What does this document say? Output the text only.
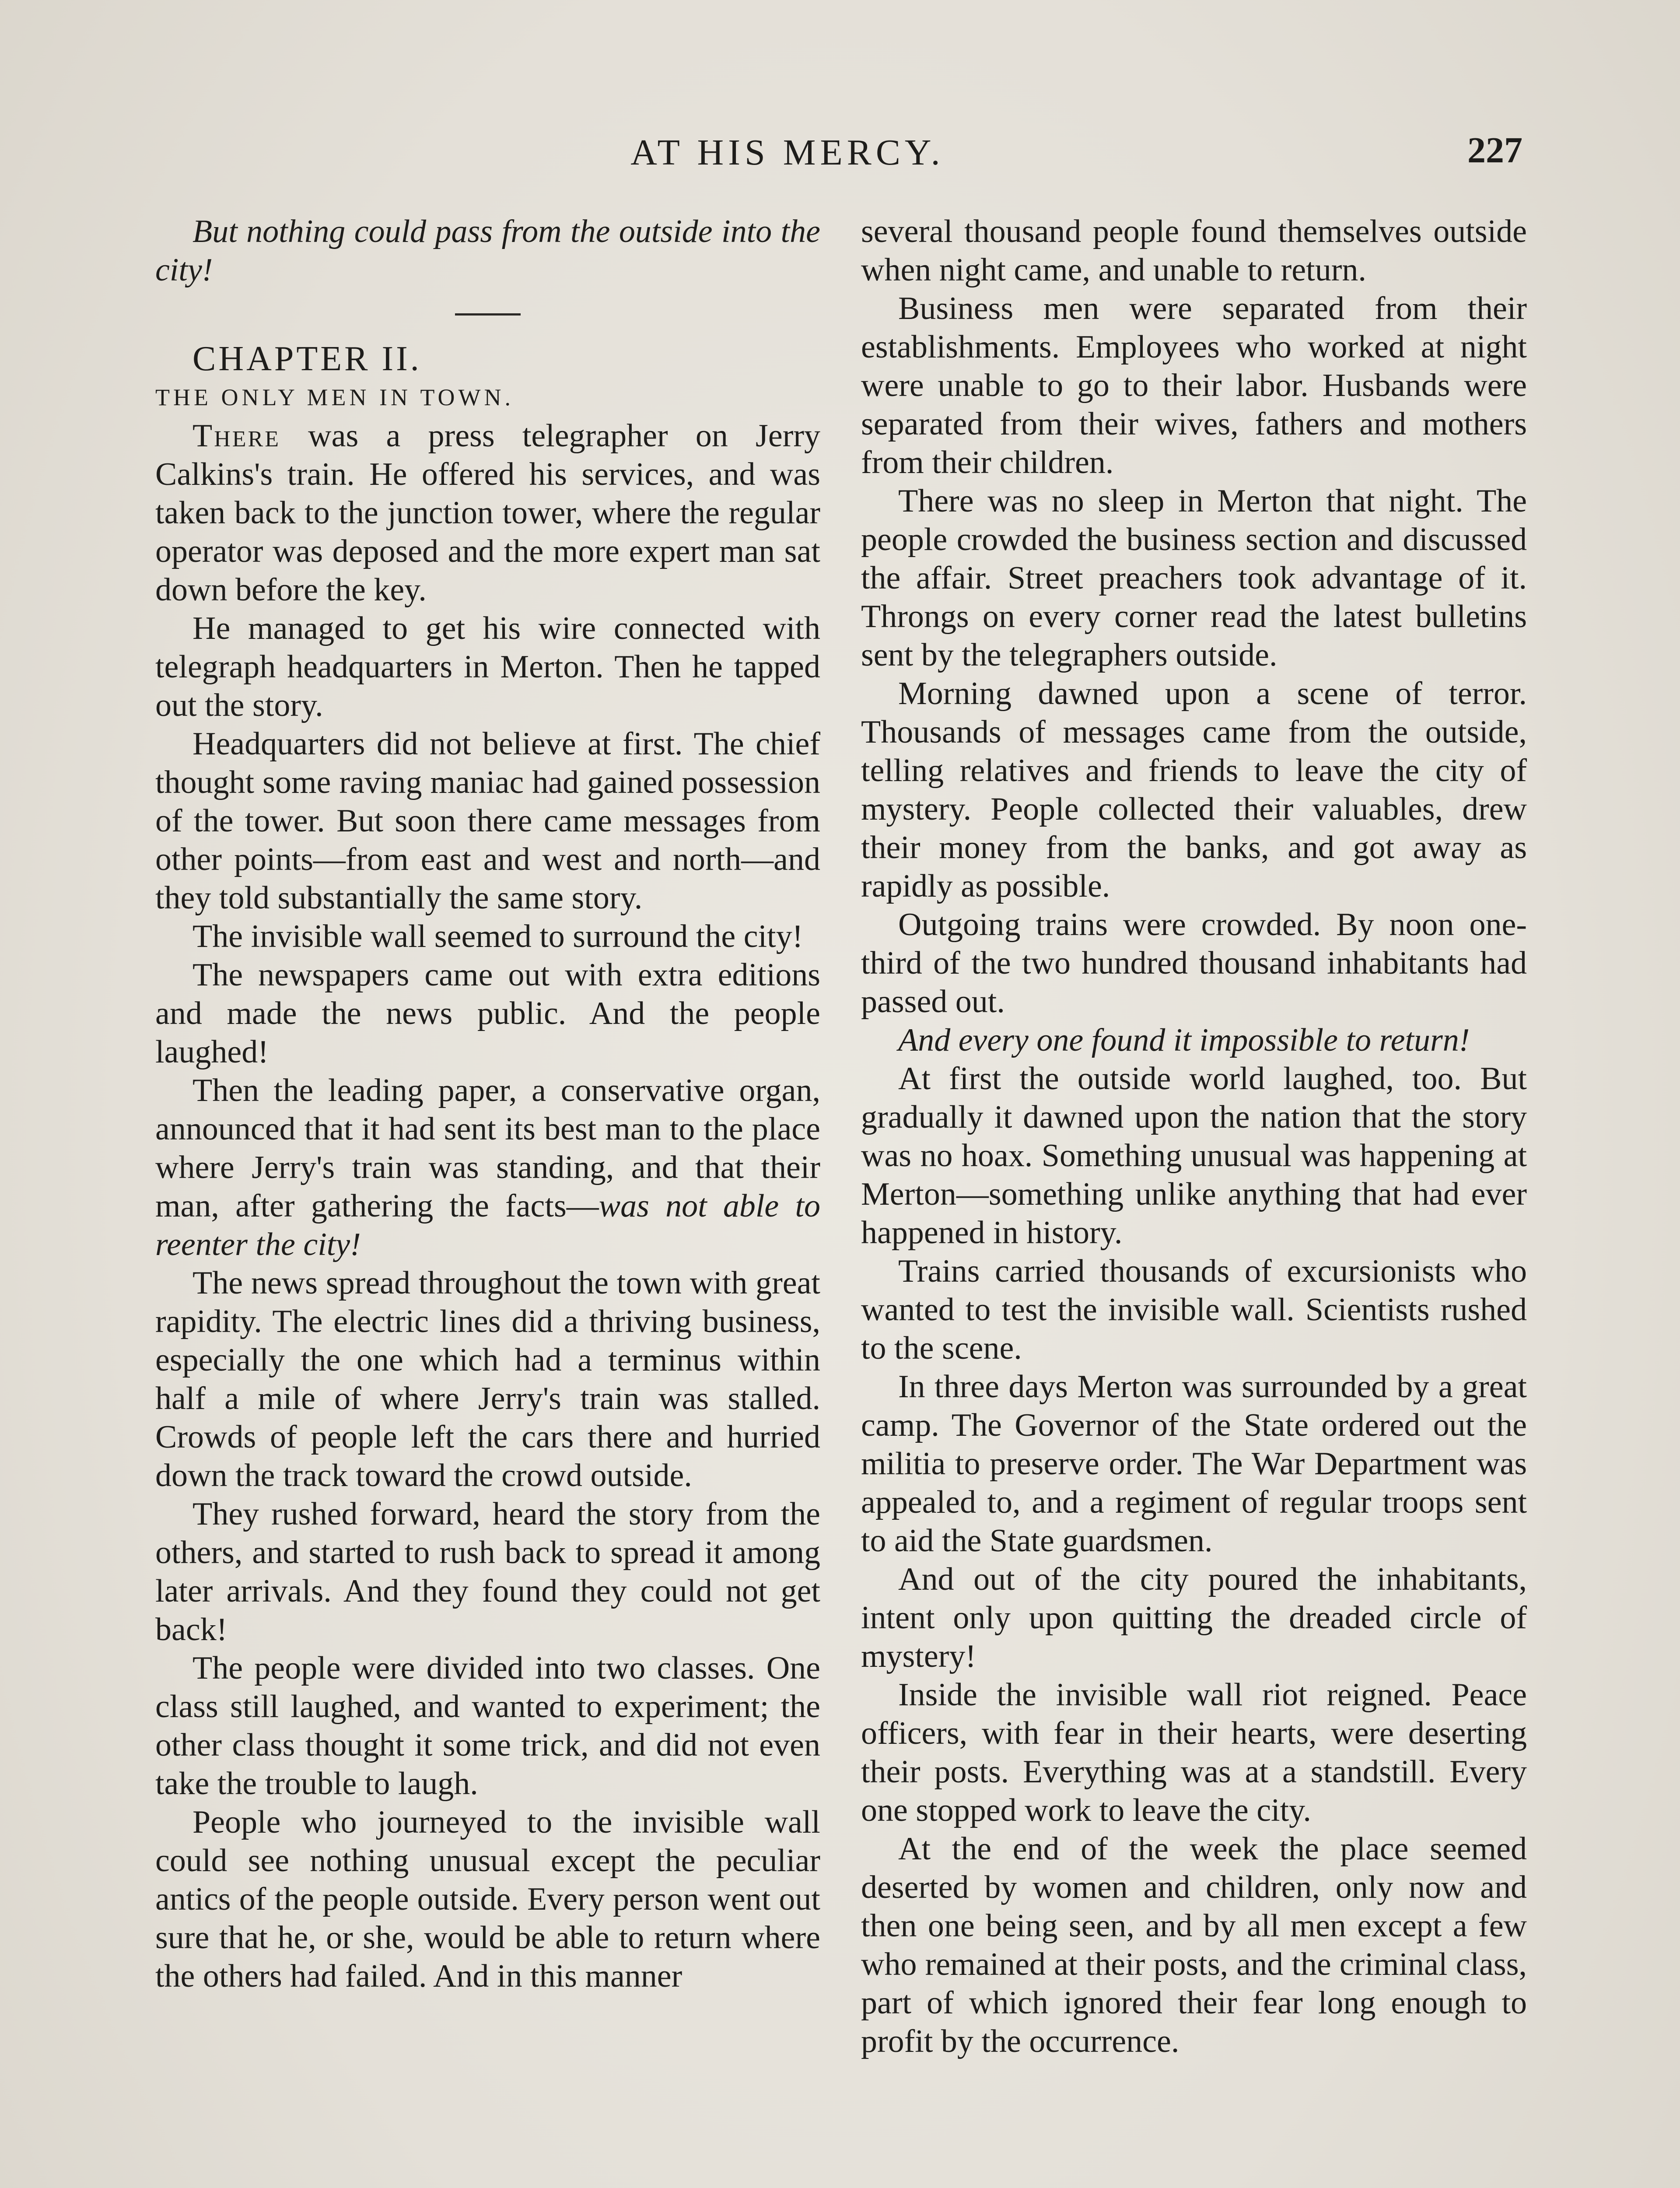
AT HIS MERCY.	227

But nothing could pass from the outside into the city!

CHAPTER II.

THE ONLY MEN IN TOWN.

There was a press telegrapher on Jerry Calkins's train. He offered his services, and was taken back to the junction tower, where the regular operator was deposed and the more expert man sat down before the key.

He managed to get his wire connected with telegraph headquarters in Merton. Then he tapped out the story.

Headquarters did not believe at first. The chief thought some raving maniac had gained possession of the tower. But soon there came messages from other points—from east and west and north—and they told substantially the same story.

The invisible wall seemed to surround the city!

The newspapers came out with extra editions and made the news public. And the people laughed!

Then the leading paper, a conservative organ, announced that it had sent its best man to the place where Jerry's train was standing, and that their man, after gathering the facts—was not able to reenter the city!

The news spread throughout the town with great rapidity. The electric lines did a thriving business, especially the one which had a terminus within half a mile of where Jerry's train was stalled. Crowds of people left the cars there and hurried down the track toward the crowd outside.

They rushed forward, heard the story from the others, and started to rush back to spread it among later arrivals. And they found they could not get back!

The people were divided into two classes. One class still laughed, and wanted to experiment; the other class thought it some trick, and did not even take the trouble to laugh.

People who journeyed to the invisible wall could see nothing unusual except the peculiar antics of the people outside. Every person went out sure that he, or she, would be able to return where the others had failed. And in this manner

several thousand people found themselves outside when night came, and unable to return.

Business men were separated from their establishments. Employees who worked at night were unable to go to their labor. Husbands were separated from their wives, fathers and mothers from their children.

There was no sleep in Merton that night. The people crowded the business section and discussed the affair. Street preachers took advantage of it. Throngs on every corner read the latest bulletins sent by the telegraphers outside.

Morning dawned upon a scene of terror. Thousands of messages came from the outside, telling relatives and friends to leave the city of mystery. People collected their valuables, drew their money from the banks, and got away as rapidly as possible.

Outgoing trains were crowded. By noon one-third of the two hundred thousand inhabitants had passed out.

And every one found it impossible to return!

At first the outside world laughed, too. But gradually it dawned upon the nation that the story was no hoax. Something unusual was happening at Merton—something unlike anything that had ever happened in history.

Trains carried thousands of excursionists who wanted to test the invisible wall. Scientists rushed to the scene.

In three days Merton was surrounded by a great camp. The Governor of the State ordered out the militia to preserve order. The War Department was appealed to, and a regiment of regular troops sent to aid the State guardsmen.

And out of the city poured the inhabitants, intent only upon quitting the dreaded circle of mystery!

Inside the invisible wall riot reigned. Peace officers, with fear in their hearts, were deserting their posts. Everything was at a standstill. Every one stopped work to leave the city.

At the end of the week the place seemed deserted by women and children, only now and then one being seen, and by all men except a few who remained at their posts, and the criminal class, part of which ignored their fear long enough to profit by the occurrence.
